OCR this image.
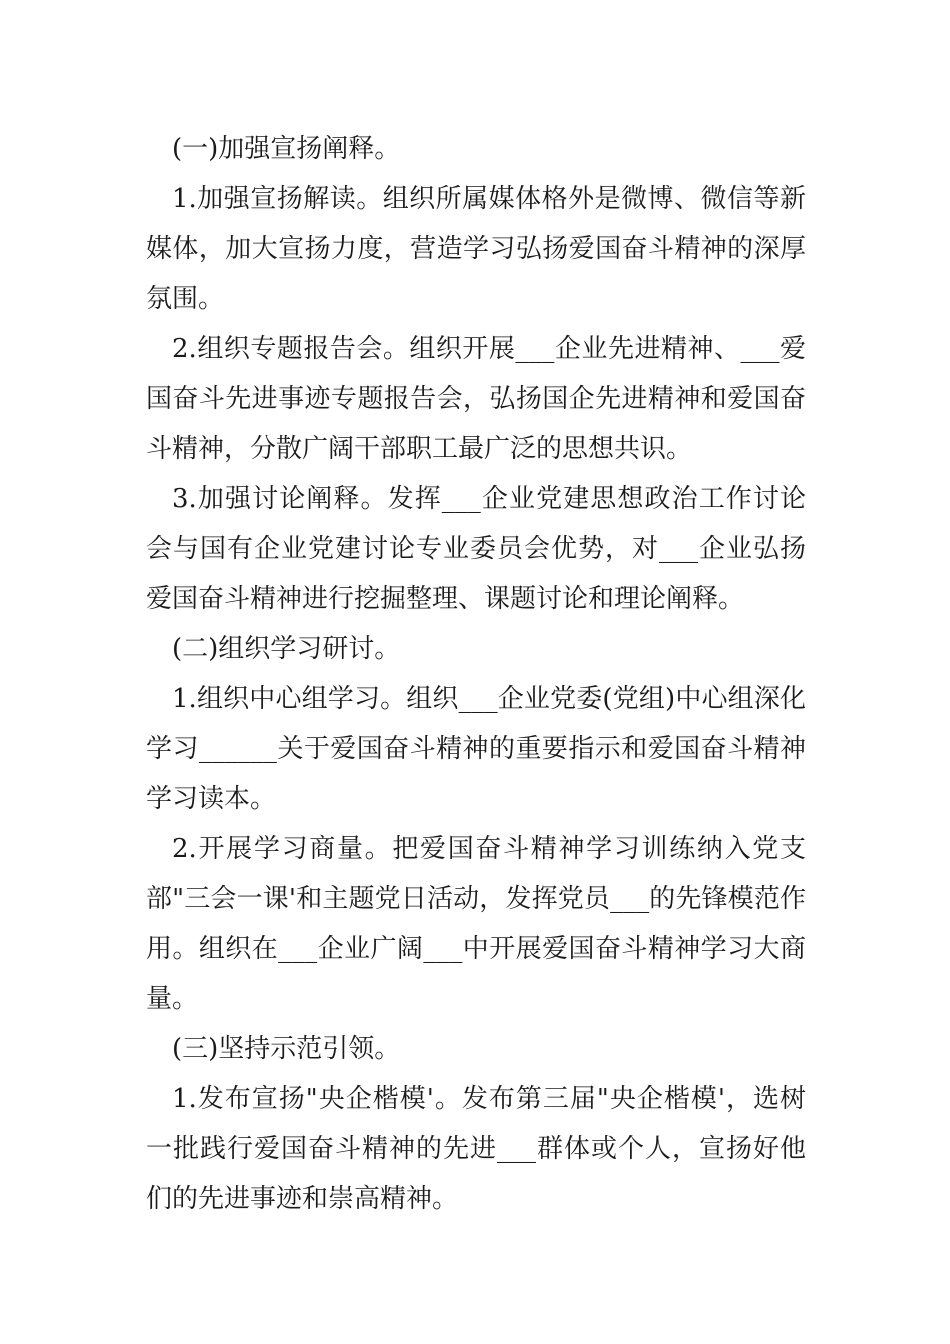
(一)加强宣扬阐释。

1.加强宣扬解读。组织所属媒体格外是微博、微信等新媒体，加大宣扬力度，营造学习弘扬爱国奋斗精神的深厚氛围。

2.组织专题报告会。组织开展___企业先进精神、___爱国奋斗先进事迹专题报告会，弘扬国企先进精神和爱国奋斗精神，分散广阔干部职工最广泛的思想共识。

3.加强讨论阐释。发挥___企业党建思想政治工作讨论会与国有企业党建讨论专业委员会优势，对___企业弘扬爱国奋斗精神进行挖掘整理、课题讨论和理论阐释。

(二)组织学习研讨。

1.组织中心组学习。组织___企业党委(党组)中心组深化学习______关于爱国奋斗精神的重要指示和爱国奋斗精神学习读本。

2.开展学习商量。把爱国奋斗精神学习训练纳入党支部"三会一课'和主题党日活动，发挥党员___的先锋模范作用。组织在___企业广阔___中开展爱国奋斗精神学习大商量。

(三)坚持示范引领。

1.发布宣扬"央企楷模'。发布第三届"央企楷模'，选树一批践行爱国奋斗精神的先进___群体或个人，宣扬好他们的先进事迹和崇高精神。
